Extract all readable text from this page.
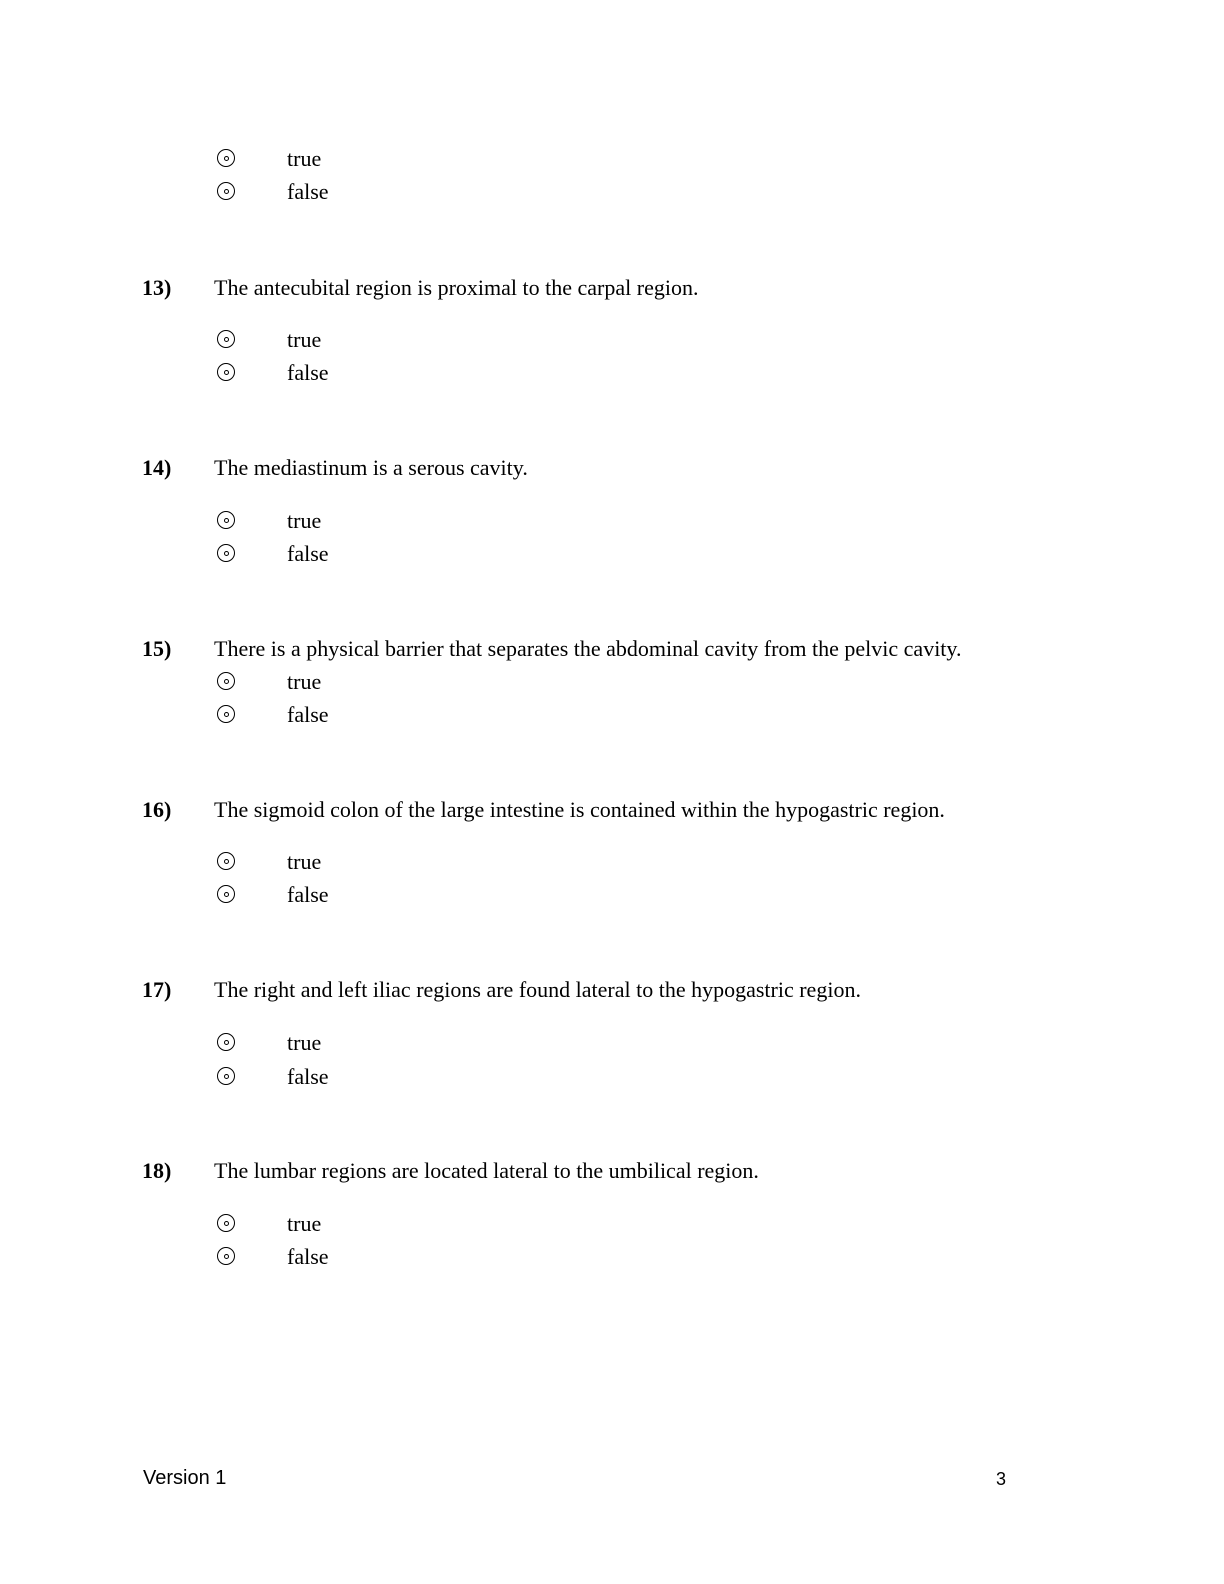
true
false
13) The antecubital region is proximal to the carpal region.
true
false
14) The mediastinum is a serous cavity.
true
false
15) There is a physical barrier that separates the abdominal cavity from the pelvic cavity.
true
false
16) The sigmoid colon of the large intestine is contained within the hypogastric region.
true
false
17) The right and left iliac regions are found lateral to the hypogastric region.
true
false
18) The lumbar regions are located lateral to the umbilical region.
true
false
Version 1	3
